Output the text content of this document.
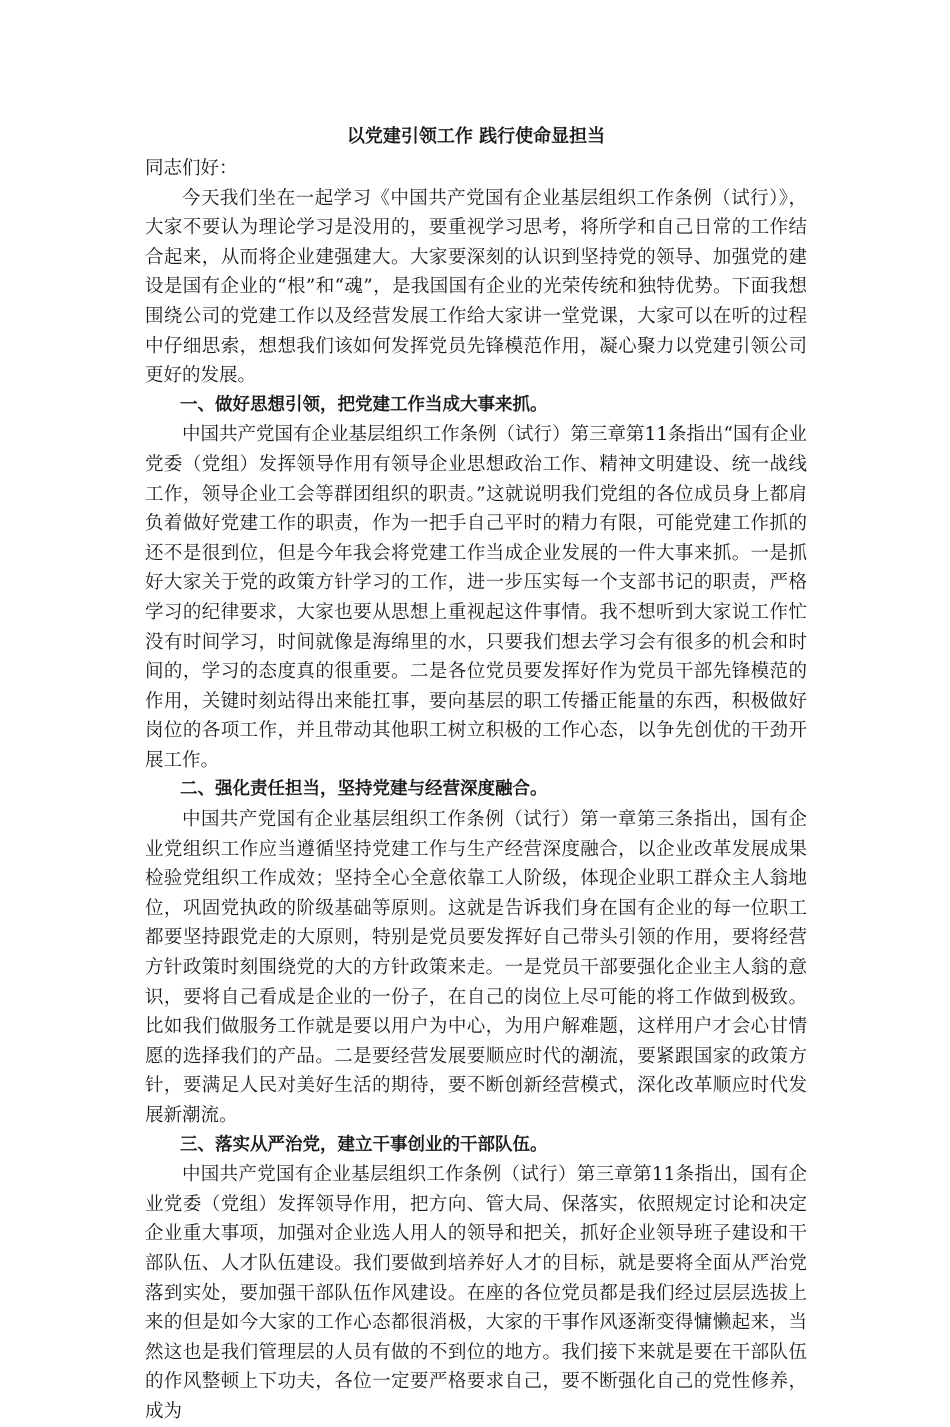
以党建引领工作 践行使命显担当

同志们好：

今天我们坐在一起学习《中国共产党国有企业基层组织工作条例（试行）》，大家不要认为理论学习是没用的，要重视学习思考，将所学和自己日常的工作结合起来，从而将企业建强建大。大家要深刻的认识到坚持党的领导、加强党的建设是国有企业的“根”和“魂”，是我国国有企业的光荣传统和独特优势。下面我想围绕公司的党建工作以及经营发展工作给大家讲一堂党课，大家可以在听的过程中仔细思索，想想我们该如何发挥党员先锋模范作用，凝心聚力以党建引领公司更好的发展。

一、做好思想引领，把党建工作当成大事来抓。

中国共产党国有企业基层组织工作条例（试行）第三章第11条指出“国有企业党委（党组）发挥领导作用有领导企业思想政治工作、精神文明建设、统一战线工作，领导企业工会等群团组织的职责。”这就说明我们党组的各位成员身上都肩负着做好党建工作的职责，作为一把手自己平时的精力有限，可能党建工作抓的还不是很到位，但是今年我会将党建工作当成企业发展的一件大事来抓。一是抓好大家关于党的政策方针学习的工作，进一步压实每一个支部书记的职责，严格学习的纪律要求，大家也要从思想上重视起这件事情。我不想听到大家说工作忙没有时间学习，时间就像是海绵里的水，只要我们想去学习会有很多的机会和时间的，学习的态度真的很重要。二是各位党员要发挥好作为党员干部先锋模范的作用，关键时刻站得出来能扛事，要向基层的职工传播正能量的东西，积极做好岗位的各项工作，并且带动其他职工树立积极的工作心态，以争先创优的干劲开展工作。

二、强化责任担当，坚持党建与经营深度融合。

中国共产党国有企业基层组织工作条例（试行）第一章第三条指出，国有企业党组织工作应当遵循坚持党建工作与生产经营深度融合，以企业改革发展成果检验党组织工作成效；坚持全心全意依靠工人阶级，体现企业职工群众主人翁地位，巩固党执政的阶级基础等原则。这就是告诉我们身在国有企业的每一位职工都要坚持跟党走的大原则，特别是党员要发挥好自己带头引领的作用，要将经营方针政策时刻围绕党的大的方针政策来走。一是党员干部要强化企业主人翁的意识，要将自己看成是企业的一份子，在自己的岗位上尽可能的将工作做到极致。比如我们做服务工作就是要以用户为中心，为用户解难题，这样用户才会心甘情愿的选择我们的产品。二是要经营发展要顺应时代的潮流，要紧跟国家的政策方针，要满足人民对美好生活的期待，要不断创新经营模式，深化改革顺应时代发展新潮流。

三、落实从严治党，建立干事创业的干部队伍。

中国共产党国有企业基层组织工作条例（试行）第三章第11条指出，国有企业党委（党组）发挥领导作用，把方向、管大局、保落实，依照规定讨论和决定企业重大事项，加强对企业选人用人的领导和把关，抓好企业领导班子建设和干部队伍、人才队伍建设。我们要做到培养好人才的目标，就是要将全面从严治党落到实处，要加强干部队伍作风建设。在座的各位党员都是我们经过层层选拔上来的但是如今大家的工作心态都很消极，大家的干事作风逐渐变得慵懒起来，当然这也是我们管理层的人员有做的不到位的地方。我们接下来就是要在干部队伍的作风整顿上下功夫，各位一定要严格要求自己，要不断强化自己的党性修养，成为
